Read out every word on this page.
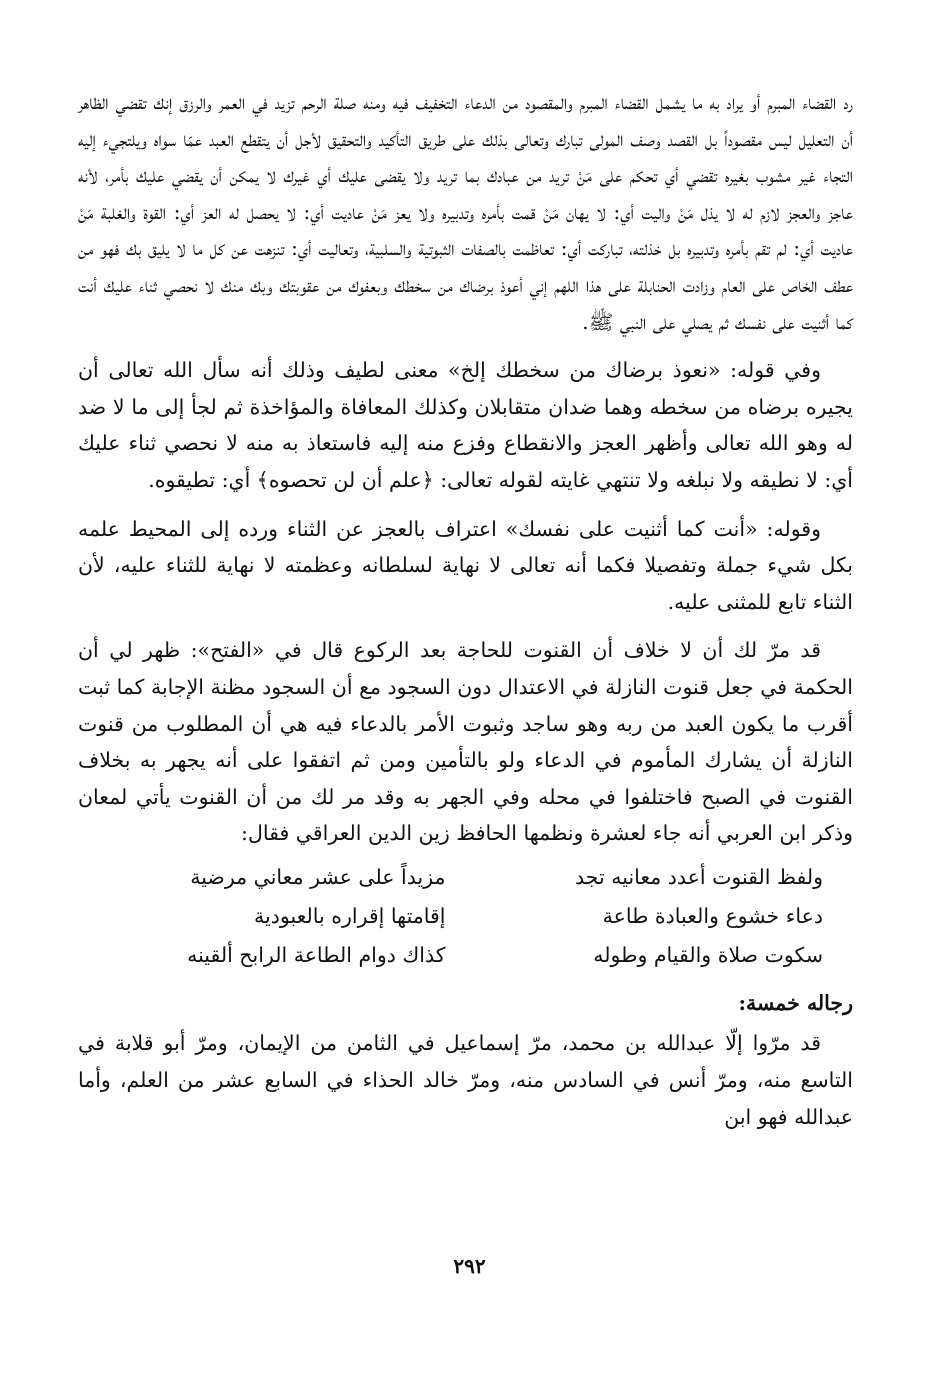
رد القضاء المبرم أو يراد به ما يشمل القضاء المبرم والمقصود من الدعاء التخفيف فيه ومنه صلة الرحم تزيد في العمر والرزق إنك تقضي الظاهر أن التعليل ليس مقصوداً بل القصد وصف المولى تبارك وتعالى بذلك على طريق التأكيد والتحقيق لأجل أن يتقطع العبد عمّا سواه ويلتجيء إليه التجاء غير مشوب بغيره تقضي أي تحكم على مَنْ تريد من عبادك بما تريد ولا يقضى عليك أي غيرك لا يمكن أن يقضي عليك بأمر، لأنه عاجز والعجز لازم له لا يذل مَنْ واليت أي: لا يهان مَنْ قمت بأمره وتدبيره ولا يعز مَنْ عاديت أي: لا يحصل له العز أي: القوة والغلبة مَنْ عاديت أي: لم تقم بأمره وتدبيره بل خذلته، تباركت أي: تعاظمت بالصفات الثبوتية والسلبية، وتعاليت أي: تنزهت عن كل ما لا يليق بك فهو من عطف الخاص على العام وزادت الحنابلة على هذا اللهم إني أعوذ برضاك من سخطك وبعفوك من عقوبتك وبك منك لا نحصي ثناء عليك أنت كما أثنيت على نفسك ثم يصلي على النبي ﷺ.

وفي قوله: «نعوذ برضاك من سخطك إلخ» معنى لطيف وذلك أنه سأل الله تعالى أن يجيره برضاه من سخطه وهما ضدان متقابلان وكذلك المعافاة والمؤاخذة ثم لجأ إلى ما لا ضد له وهو الله تعالى وأظهر العجز والانقطاع وفزع منه إليه فاستعاذ به منه لا نحصي ثناء عليك أي: لا نطيقه ولا نبلغه ولا تنتهي غايته لقوله تعالى: ﴿علم أن لن تحصوه﴾ أي: تطيقوه.

وقوله: «أنت كما أثنيت على نفسك» اعتراف بالعجز عن الثناء ورده إلى المحيط علمه بكل شيء جملة وتفصيلا فكما أنه تعالى لا نهاية لسلطانه وعظمته لا نهاية للثناء عليه، لأن الثناء تابع للمثنى عليه.

قد مرّ لك أن لا خلاف أن القنوت للحاجة بعد الركوع قال في «الفتح»: ظهر لي أن الحكمة في جعل قنوت النازلة في الاعتدال دون السجود مع أن السجود مظنة الإجابة كما ثبت أقرب ما يكون العبد من ربه وهو ساجد وثبوت الأمر بالدعاء فيه هي أن المطلوب من قنوت النازلة أن يشارك المأموم في الدعاء ولو بالتأمين ومن ثم اتفقوا على أنه يجهر به بخلاف القنوت في الصبح فاختلفوا في محله وفي الجهر به وقد مر لك من أن القنوت يأتي لمعان وذكر ابن العربي أنه جاء لعشرة ونظمها الحافظ زين الدين العراقي فقال:

ولفظ القنوت أعدد معانيه تجد
مزيداً على عشر معاني مرضية
دعاء خشوع والعبادة طاعة
إقامتها إقراره بالعبودية
سكوت صلاة والقيام وطوله
كذاك دوام الطاعة الرابح ألقينه
رجاله خمسة:

قد مرّوا إلّا عبدالله بن محمد، مرّ إسماعيل في الثامن من الإيمان، ومرّ أبو قلابة في التاسع منه، ومرّ أنس في السادس منه، ومرّ خالد الحذاء في السابع عشر من العلم، وأما عبدالله فهو ابن

٢٩٢
